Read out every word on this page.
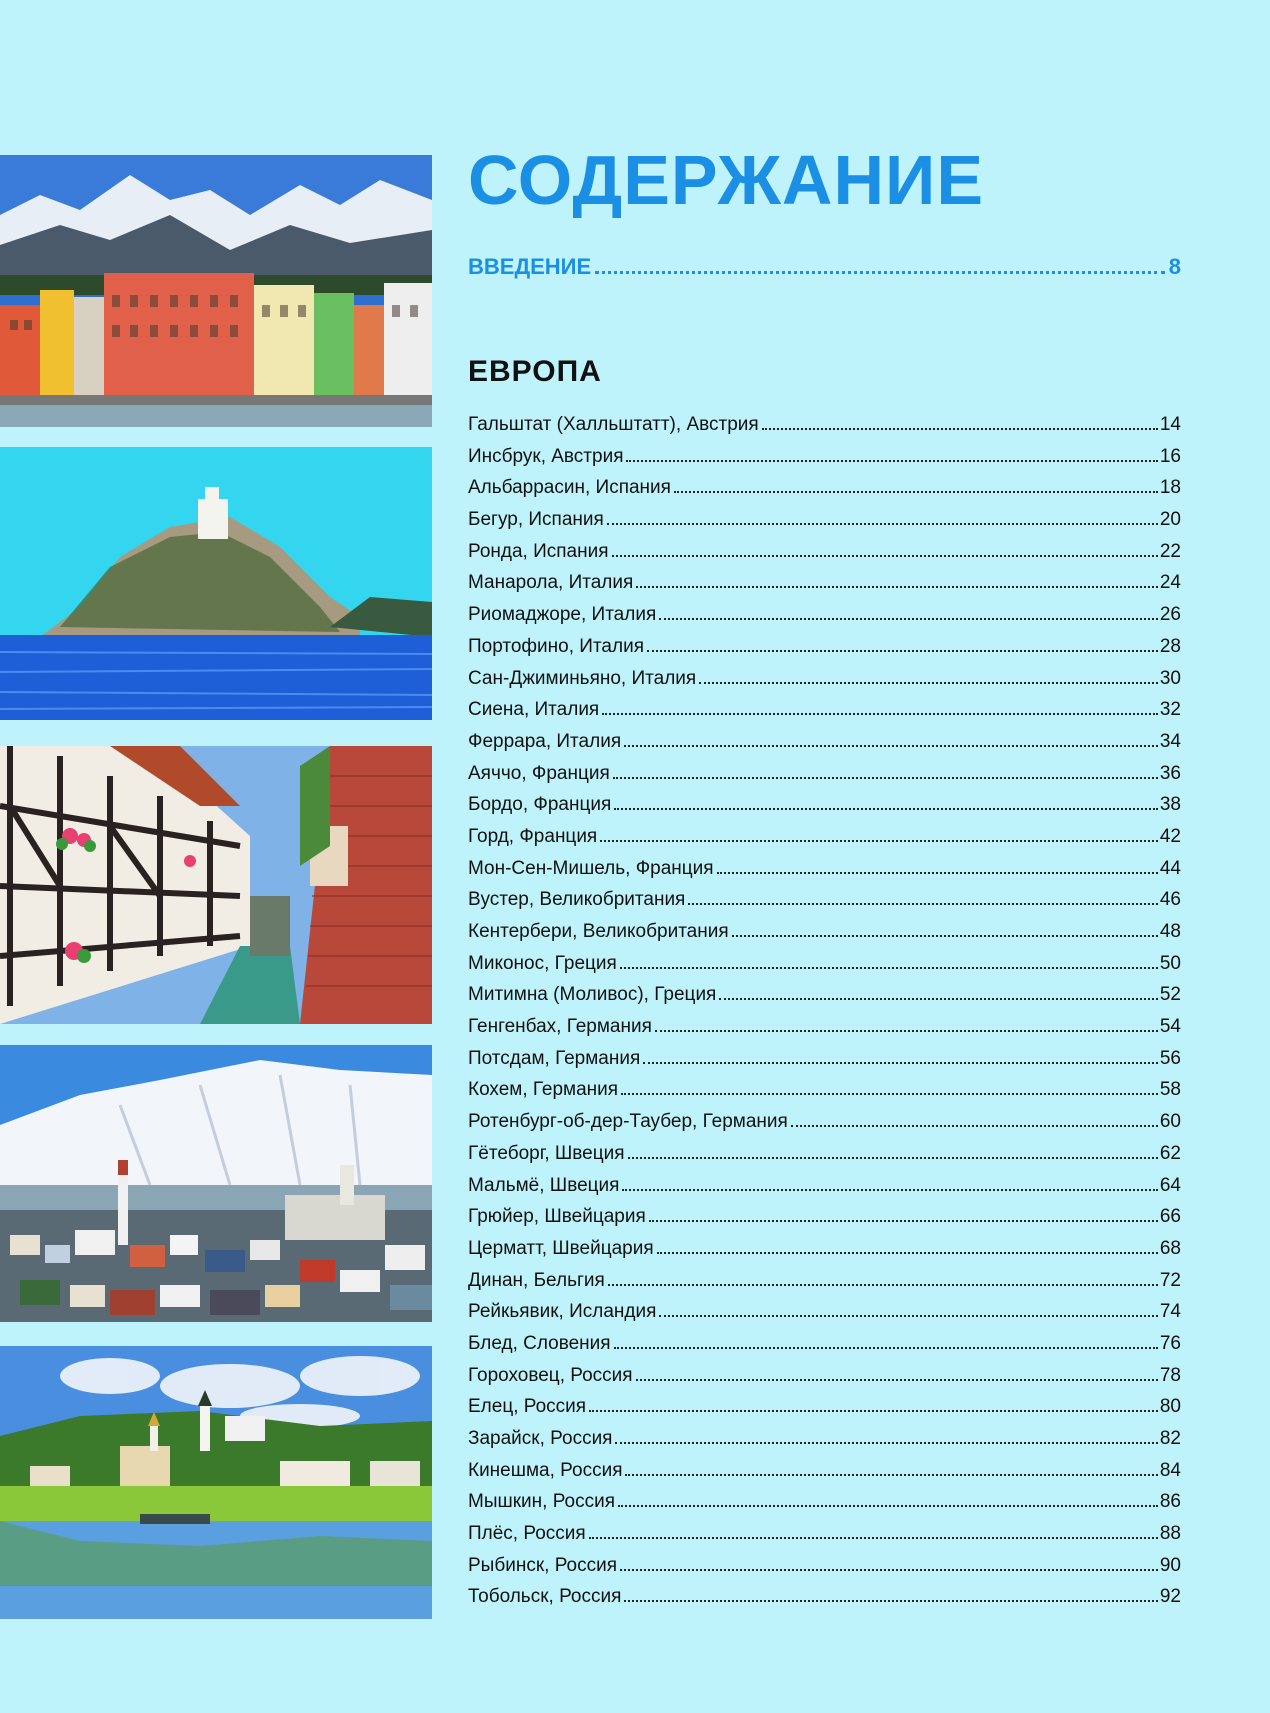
СОДЕРЖАНИЕ
ВВЕДЕНИЕ	8
ЕВРОПА
Гальштат (Халльштатт), Австрия	14
Инсбрук, Австрия	16
Альбаррасин, Испания	18
Бегур, Испания	20
Ронда, Испания	22
Манарола, Италия	24
Риомаджоре, Италия	26
Портофино, Италия	28
Сан-Джиминьяно, Италия	30
Сиена, Италия	32
Феррара, Италия	34
Аяччо, Франция	36
Бордо, Франция	38
Горд, Франция	42
Мон-Сен-Мишель, Франция	44
Вустер, Великобритания	46
Кентербери, Великобритания	48
Миконос, Греция	50
Митимна (Моливос), Греция	52
Генгенбах, Германия	54
Потсдам, Германия	56
Кохем, Германия	58
Ротенбург-об-дер-Таубер, Германия	60
Гётеборг, Швеция	62
Мальмё, Швеция	64
Грюйер, Швейцария	66
Церматт, Швейцария	68
Динан, Бельгия	72
Рейкьявик, Исландия	74
Блед, Словения	76
Гороховец, Россия	78
Елец, Россия	80
Зарайск, Россия	82
Кинешма, Россия	84
Мышкин, Россия	86
Плёс, Россия	88
Рыбинск, Россия	90
Тобольск, Россия	92
